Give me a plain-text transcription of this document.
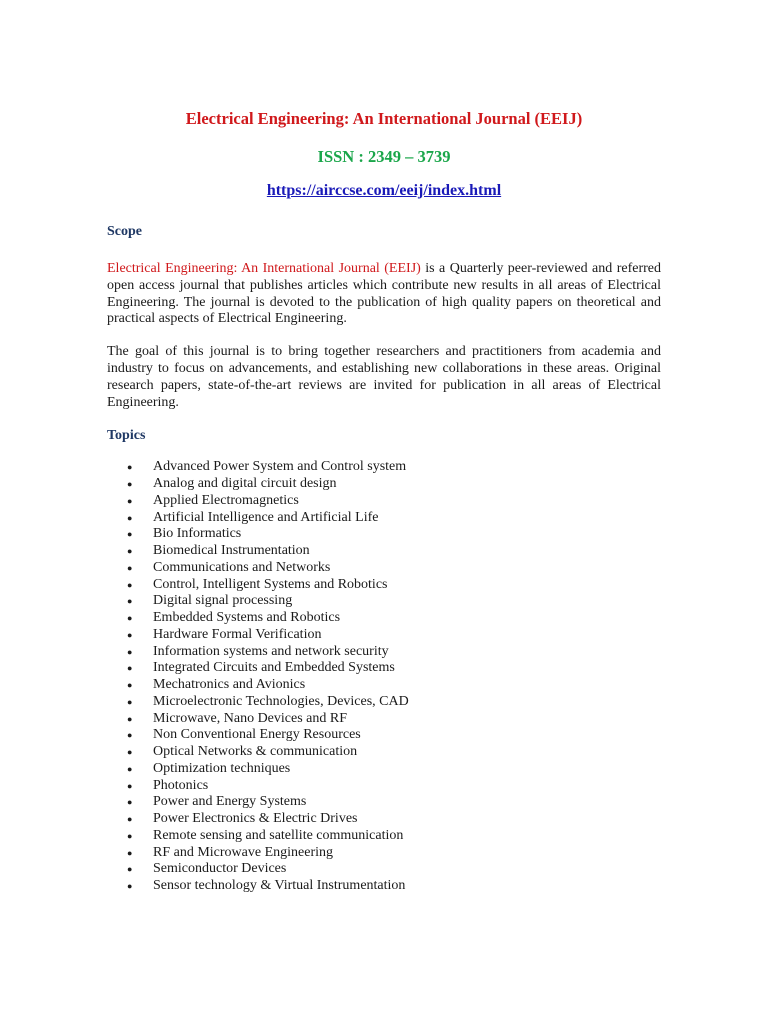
Electrical Engineering: An International Journal (EEIJ)

ISSN : 2349 – 3739

https://airccse.com/eeij/index.html

Scope

Electrical Engineering: An International Journal (EEIJ) is a Quarterly peer-reviewed and referred open access journal that publishes articles which contribute new results in all areas of Electrical Engineering. The journal is devoted to the publication of high quality papers on theoretical and practical aspects of Electrical Engineering.

The goal of this journal is to bring together researchers and practitioners from academia and industry to focus on advancements, and establishing new collaborations in these areas. Original research papers, state-of-the-art reviews are invited for publication in all areas of Electrical Engineering.

Topics
● Advanced Power System and Control system
● Analog and digital circuit design
● Applied Electromagnetics
● Artificial Intelligence and Artificial Life
● Bio Informatics
● Biomedical Instrumentation
● Communications and Networks
● Control, Intelligent Systems and Robotics
● Digital signal processing
● Embedded Systems and Robotics
● Hardware Formal Verification
● Information systems and network security
● Integrated Circuits and Embedded Systems
● Mechatronics and Avionics
● Microelectronic Technologies, Devices, CAD
● Microwave, Nano Devices and RF
● Non Conventional Energy Resources
● Optical Networks & communication
● Optimization techniques
● Photonics
● Power and Energy Systems
● Power Electronics & Electric Drives
● Remote sensing and satellite communication
● RF and Microwave Engineering
● Semiconductor Devices
● Sensor technology & Virtual Instrumentation
